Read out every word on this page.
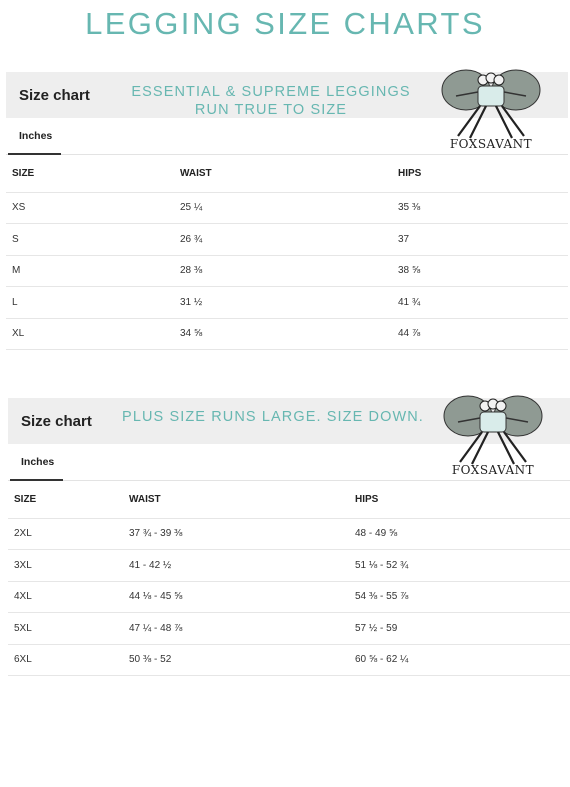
LEGGING SIZE CHARTS
Size chart	ESSENTIAL & SUPREME LEGGINGS
RUN TRUE TO SIZE
Inches
SIZE	WAIST	HIPS
XS	25 ¼	35 ⅜
S	26 ¾	37
M	28 ⅜	38 ⅝
L	31 ½	41 ¾
XL	34 ⅝	44 ⅞
FOXSAVANT
Size chart PLUS SIZE RUNS LARGE. SIZE DOWN.
Inches
SIZE	WAIST	HIPS
2XL	37 ¾ - 39 ⅜	48 - 49 ⅝
3XL	41 - 42 ½	51 ⅛ - 52 ¾
4XL	44 ⅛ - 45 ⅝	54 ⅜ - 55 ⅞
5XL	47 ¼ - 48 ⅞	57 ½ - 59
6XL	50 ⅜ - 52	60 ⅝ - 62 ¼
FOXSAVANT
